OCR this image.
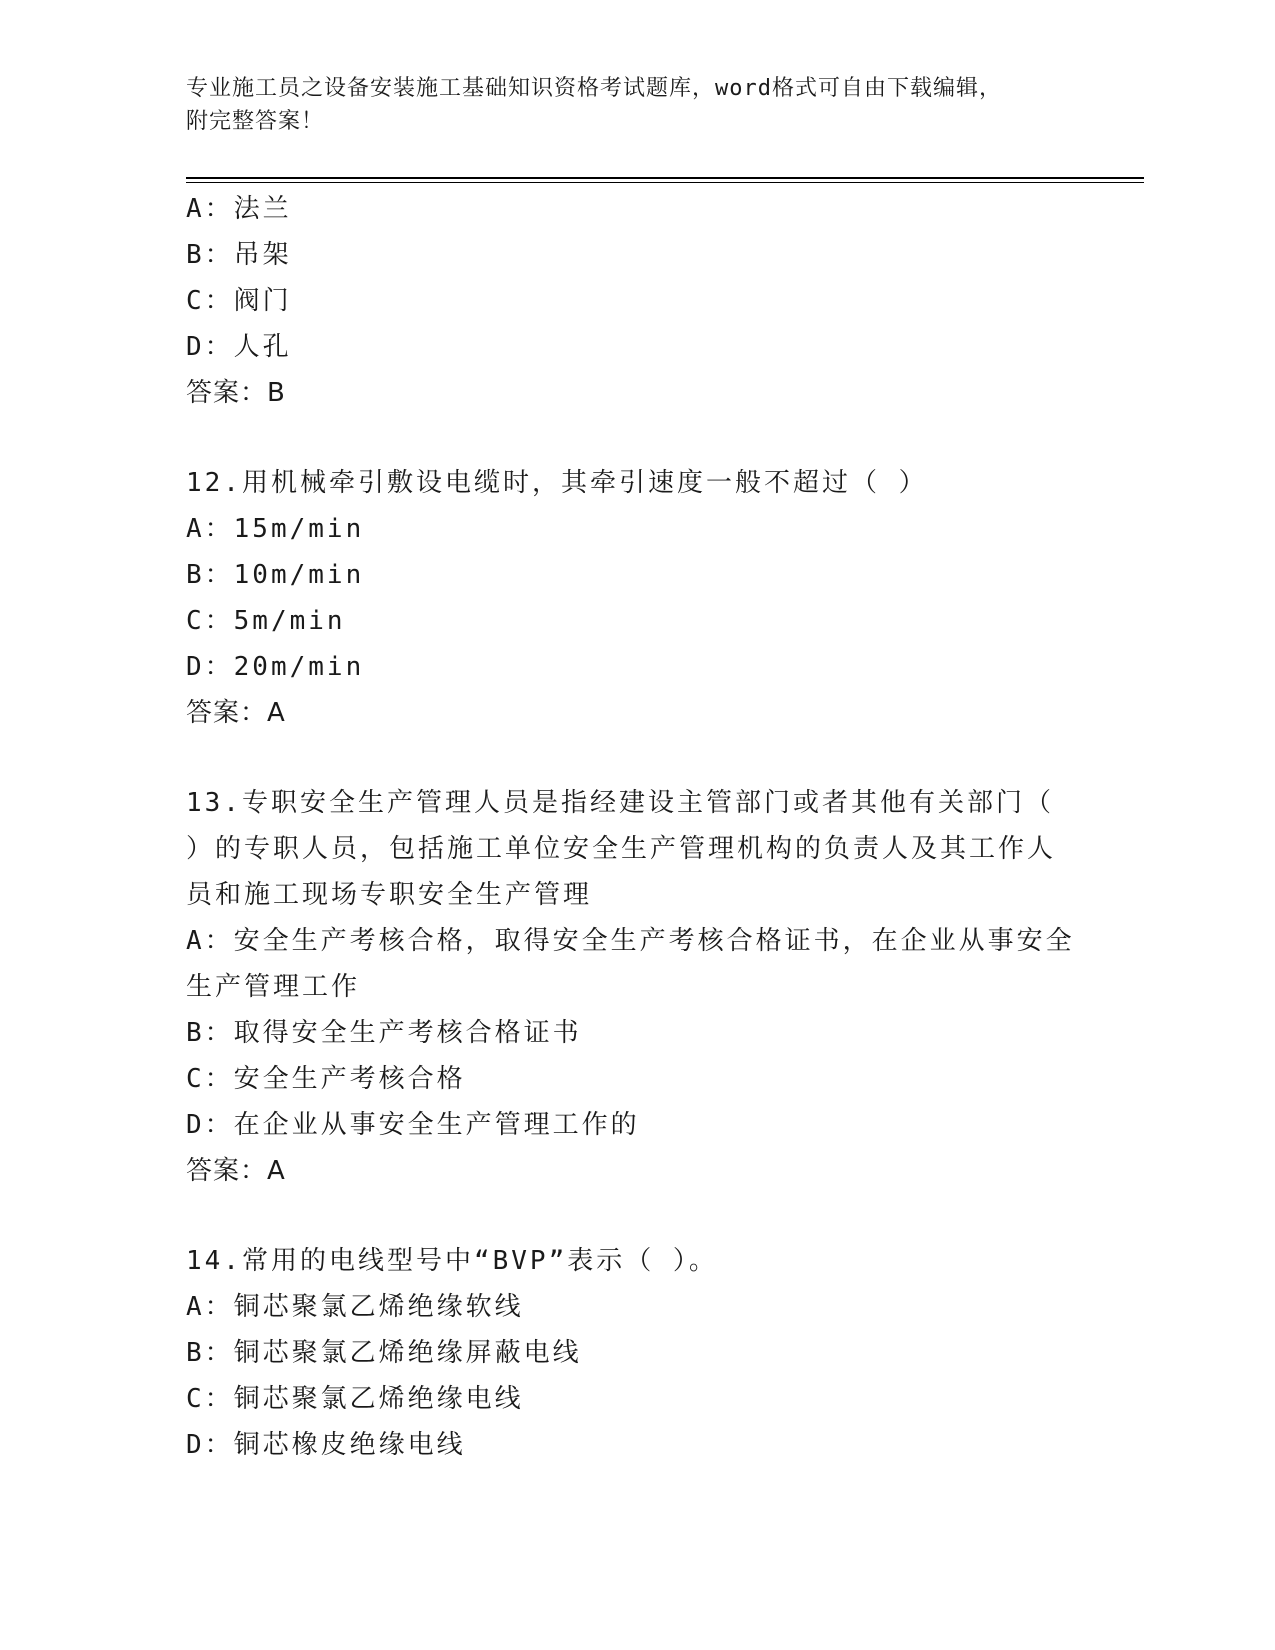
专业施工员之设备安装施工基础知识资格考试题库，word格式可自由下载编辑，
附完整答案！
A：法兰
B：吊架
C：阀门
D：人孔
答案：B
12.用机械牵引敷设电缆时，其牵引速度一般不超过（ ）
A：15m/min
B：10m/min
C：5m/min
D：20m/min
答案：A
13.专职安全生产管理人员是指经建设主管部门或者其他有关部门（
）的专职人员，包括施工单位安全生产管理机构的负责人及其工作人
员和施工现场专职安全生产管理
A：安全生产考核合格，取得安全生产考核合格证书，在企业从事安全
生产管理工作
B：取得安全生产考核合格证书
C：安全生产考核合格
D：在企业从事安全生产管理工作的
答案：A
14.常用的电线型号中“BVP”表示（ ）。
A：铜芯聚氯乙烯绝缘软线
B：铜芯聚氯乙烯绝缘屏蔽电线
C：铜芯聚氯乙烯绝缘电线
D：铜芯橡皮绝缘电线
